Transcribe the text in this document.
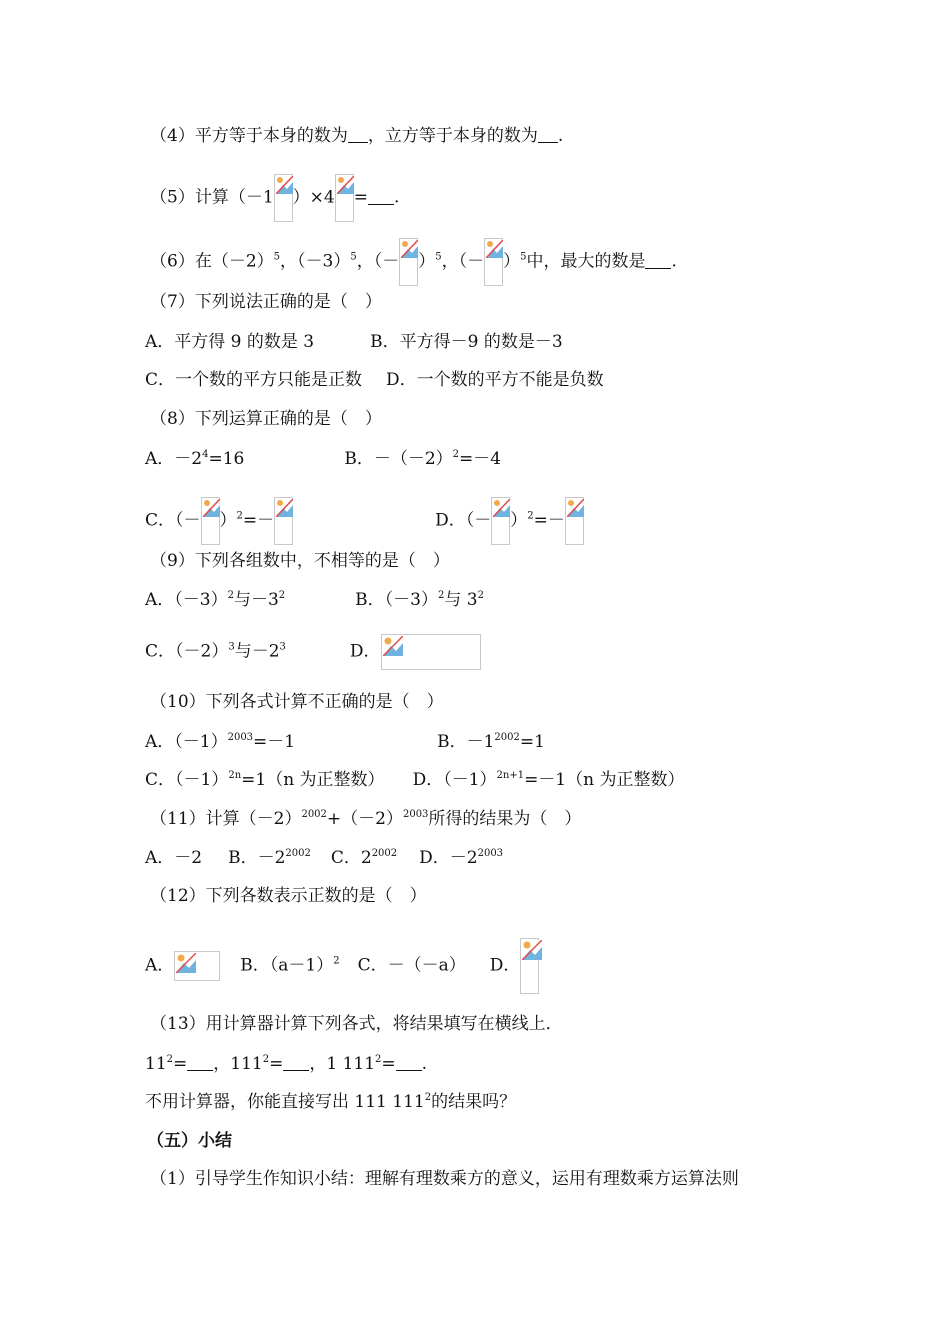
（4）平方等于本身的数为 ，立方等于本身的数为 .
（5）计算（－1 ）×4 = .
（6）在$(-2)^5$，$(-3)^5$，（－ ）$^5$，（－ ）$^5$中，最大的数是 .
（7）下列说法正确的是（　）
A．平方得 9 的数是 3	B．平方得－9 的数是－3
C．一个数的平方只能是正数 D．一个数的平方不能是负数
（8）下列运算正确的是（　）
A．$-2^4=16$	B．$-(-2)^2=-4$
C．（－ ）$^2$=－	D．（－ ）$^2$=－
（9）下列各组数中，不相等的是（　）
A．$(-3)^2$与$-3^2$	B．$(-3)^2$与 $3^2$
C．$(-2)^3$与$-2^3$	D．
（10）下列各式计算不正确的是（　）
A．$(-1)^{2003}=-1$	B．$-1^{2002}=1$
C．$(-1)^{2n}=1(n$ 为正整数） D．$(-1)^{2n+1}=-1(n$ 为正整数）
（11）计算$(-2)^{2002}+(-2)^{2003}$所得的结果为（　）
A．－2 B．$-2^{2002}$ C．$2^{2002}$ D．$-2^{2003}$
（12）下列各数表示正数的是（　）
A．	B．$(a-1)^2$ C．－（－a） D．
（13）用计算器计算下列各式，将结果填写在横线上．
$11^2=$ ，$111^2=$ ，1 $111^2=$ .
不用计算器，你能直接写出 111 $111^2$的结果吗？
（五）小结
（1）引导学生作知识小结：理解有理数乘方的意义，运用有理数乘方运算法则
